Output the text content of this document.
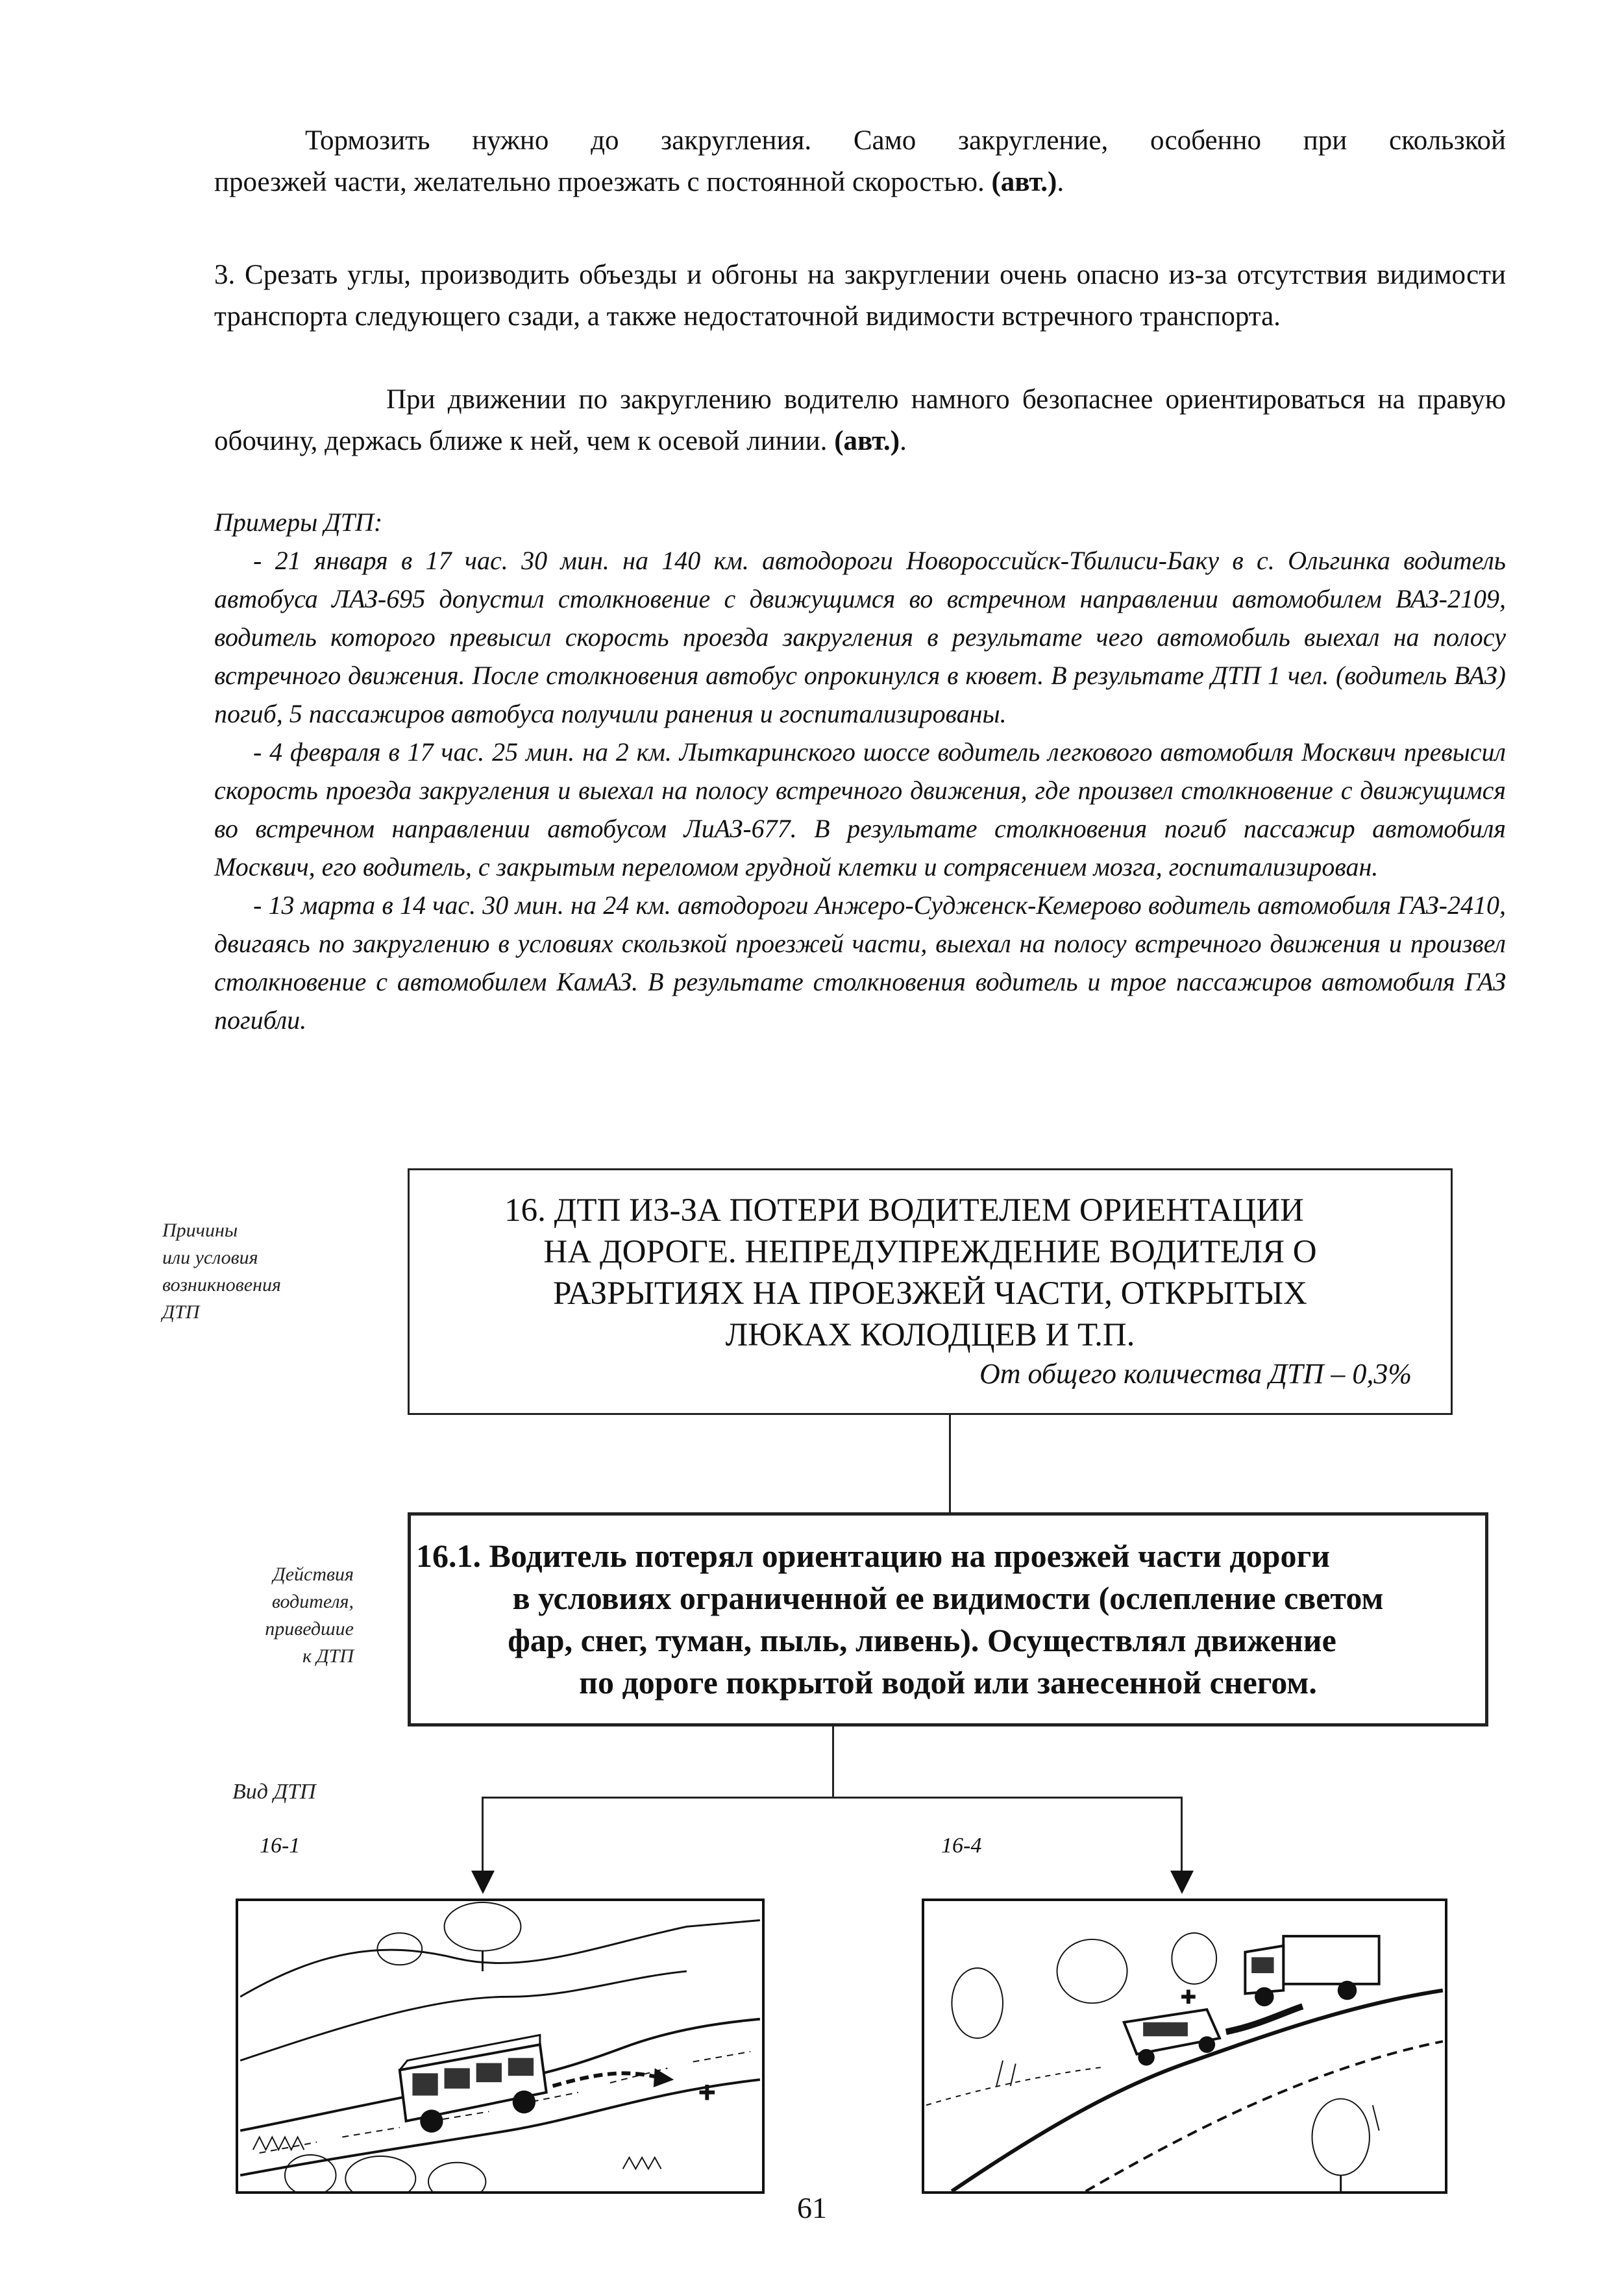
Тормозить нужно до закругления. Само закругление, особенно при скользкой
проезжей части, желательно проезжать с постоянной скоростью. (авт.).
3. Срезать углы, производить объезды и обгоны на закруглении очень опасно из-за отсутствия видимости транспорта следующего сзади, а также недостаточной видимости встречного транспорта.
При движении по закруглению водителю намного безопаснее ориентироваться на правую обочину, держась ближе к ней, чем к осевой линии. (авт.).
Примеры ДТП:
- 21 января в 17 час. 30 мин. на 140 км. автодороги Новороссийск-Тбилиси-Баку в с. Ольгинка водитель автобуса ЛАЗ-695 допустил столкновение с движущимся во встречном направлении автомобилем ВАЗ-2109, водитель которого превысил скорость проезда закругления в результате чего автомобиль выехал на полосу встречного движения. После столкновения автобус опрокинулся в кювет. В результате ДТП 1 чел. (водитель ВАЗ) погиб, 5 пассажиров автобуса получили ранения и госпитализированы.
- 4 февраля в 17 час. 25 мин. на 2 км. Лыткаринского шоссе водитель легкового автомобиля Москвич превысил скорость проезда закругления и выехал на полосу встречного движения, где произвел столкновение с движущимся во встречном направлении автобусом ЛиАЗ-677. В результате столкновения погиб пассажир автомобиля Москвич, его водитель, с закрытым переломом грудной клетки и сотрясением мозга, госпитализирован.
- 13 марта в 14 час. 30 мин. на 24 км. автодороги Анжеро-Судженск-Кемерово водитель автомобиля ГАЗ-2410, двигаясь по закруглению в условиях скользкой проезжей части, выехал на полосу встречного движения и произвел столкновение с автомобилем КамАЗ. В результате столкновения водитель и трое пассажиров автомобиля ГАЗ погибли.
Причины
или условия
возникновения
ДТП
Действия
водителя,
приведшие
к ДТП
Вид ДТП
16. ДТП ИЗ-ЗА ПОТЕРИ ВОДИТЕЛЕМ ОРИЕНТАЦИИ
НА ДОРОГЕ. НЕПРЕДУПРЕЖДЕНИЕ ВОДИТЕЛЯ О
РАЗРЫТИЯХ НА ПРОЕЗЖЕЙ ЧАСТИ, ОТКРЫТЫХ
ЛЮКАХ КОЛОДЦЕВ И Т.П.
От общего количества ДТП – 0,3%
16.1. Водитель потерял ориентацию на проезжей части дороги
в условиях ограниченной ее видимости (ослепление светом
фар, снег, туман, пыль, ливень). Осуществлял движение
по дороге покрытой водой или занесенной снегом.
16-1	16-4
61
